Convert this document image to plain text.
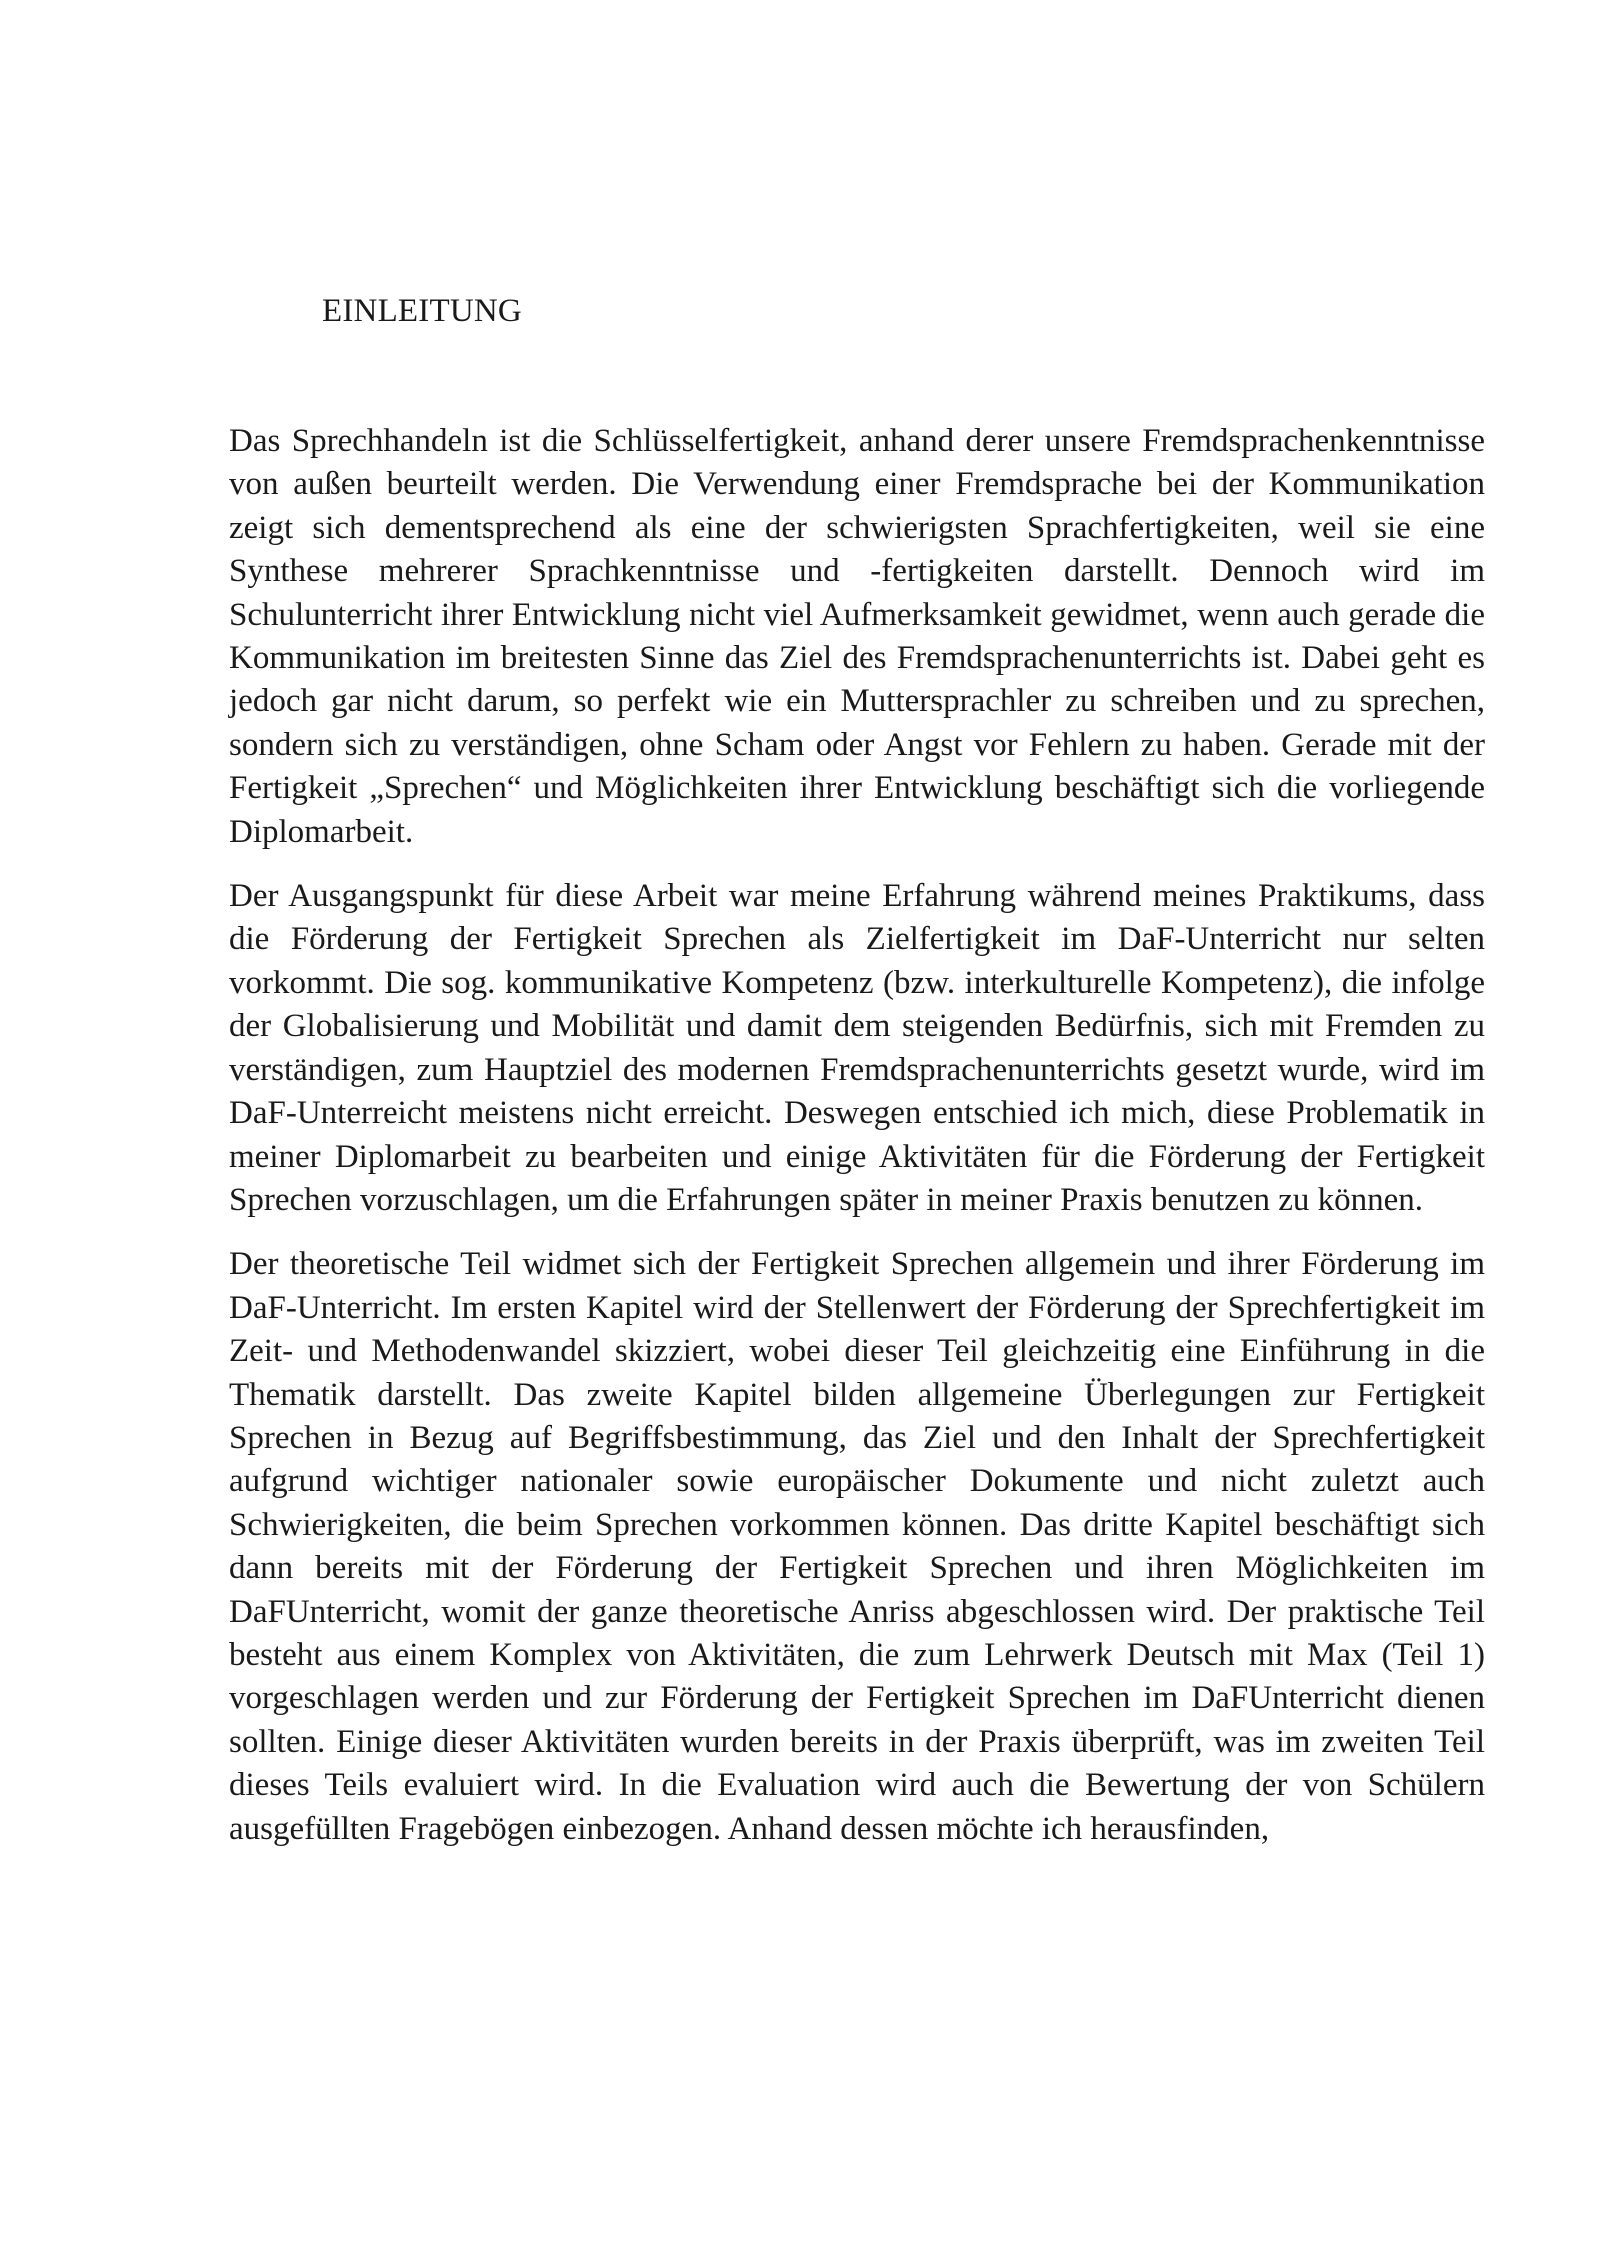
EINLEITUNG

Das Sprechhandeln ist die Schlüsselfertigkeit, anhand derer unsere Fremdsprachenkenntnisse von außen beurteilt werden. Die Verwendung einer Fremdsprache bei der Kommunikation zeigt sich dementsprechend als eine der schwierigsten Sprachfertigkeiten, weil sie eine Synthese mehrerer Sprachkenntnisse und -fertigkeiten darstellt. Dennoch wird im Schulunterricht ihrer Entwicklung nicht viel Aufmerksamkeit gewidmet, wenn auch gerade die Kommunikation im breitesten Sinne das Ziel des Fremdsprachenunterrichts ist. Dabei geht es jedoch gar nicht darum, so perfekt wie ein Muttersprachler zu schreiben und zu sprechen, sondern sich zu verständigen, ohne Scham oder Angst vor Fehlern zu haben. Gerade mit der Fertigkeit „Sprechen“ und Möglichkeiten ihrer Entwicklung beschäftigt sich die vorliegende Diplomarbeit.

Der Ausgangspunkt für diese Arbeit war meine Erfahrung während meines Praktikums, dass die Förderung der Fertigkeit Sprechen als Zielfertigkeit im DaF-Unterricht nur selten vorkommt. Die sog. kommunikative Kompetenz (bzw. interkulturelle Kompetenz), die infolge der Globalisierung und Mobilität und damit dem steigenden Bedürfnis, sich mit Fremden zu verständigen, zum Hauptziel des modernen Fremdsprachenunterrichts gesetzt wurde, wird im DaF-Unterreicht meistens nicht erreicht. Deswegen entschied ich mich, diese Problematik in meiner Diplomarbeit zu bearbeiten und einige Aktivitäten für die Förderung der Fertigkeit Sprechen vorzuschlagen, um die Erfahrungen später in meiner Praxis benutzen zu können.

Der theoretische Teil widmet sich der Fertigkeit Sprechen allgemein und ihrer Förderung im DaF-Unterricht. Im ersten Kapitel wird der Stellenwert der Förderung der Sprechfertigkeit im Zeit- und Methodenwandel skizziert, wobei dieser Teil gleichzeitig eine Einführung in die Thematik darstellt. Das zweite Kapitel bilden allgemeine Überlegungen zur Fertigkeit Sprechen in Bezug auf Begriffsbestimmung, das Ziel und den Inhalt der Sprechfertigkeit aufgrund wichtiger nationaler sowie europäischer Dokumente und nicht zuletzt auch Schwierigkeiten, die beim Sprechen vorkommen können. Das dritte Kapitel beschäftigt sich dann bereits mit der Förderung der Fertigkeit Sprechen und ihren Möglichkeiten im DaFUnterricht, womit der ganze theoretische Anriss abgeschlossen wird. Der praktische Teil besteht aus einem Komplex von Aktivitäten, die zum Lehrwerk Deutsch mit Max (Teil 1) vorgeschlagen werden und zur Förderung der Fertigkeit Sprechen im DaFUnterricht dienen sollten. Einige dieser Aktivitäten wurden bereits in der Praxis überprüft, was im zweiten Teil dieses Teils evaluiert wird. In die Evaluation wird auch die Bewertung der von Schülern ausgefüllten Fragebögen einbezogen. Anhand dessen möchte ich herausfinden,
